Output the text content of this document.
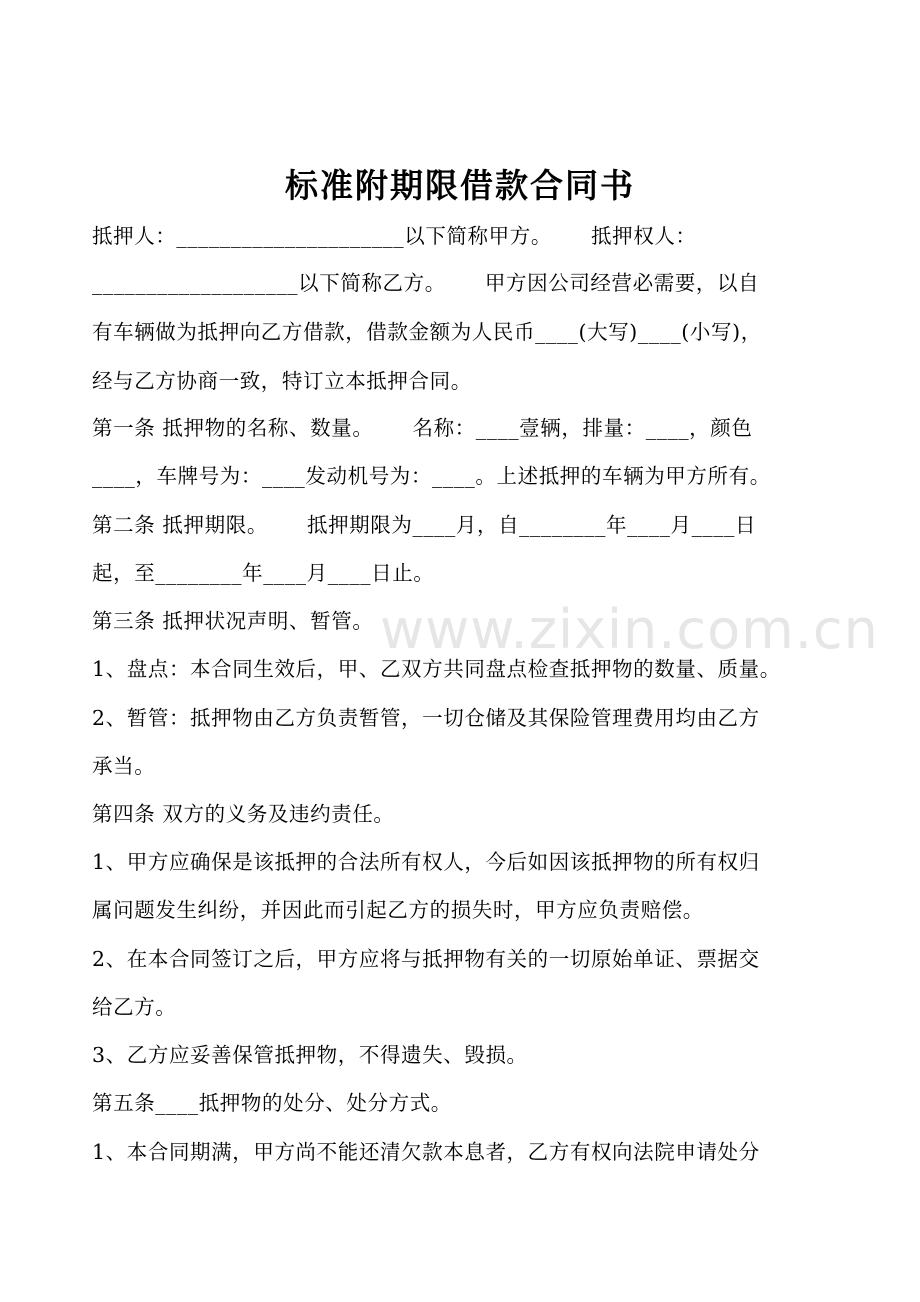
www.zixin.com.cn
标准附期限借款合同书
抵押人：_____________________以下简称甲方。　　 抵押权人：
___________________以下简称乙方。　　 甲方因公司经营必需要，以自
有车辆做为抵押向乙方借款，借款金额为人民币____(大写)____(小写)，
经与乙方协商一致，特订立本抵押合同。
第一条 抵押物的名称、数量。　　 名称：____壹辆，排量：____，颜色
____，车牌号为：____发动机号为：____。上述抵押的车辆为甲方所有。
第二条 抵押期限。　　 抵押期限为____月，自________年____月____日
起，至________年____月____日止。
第三条 抵押状况声明、暂管。
1、盘点：本合同生效后，甲、乙双方共同盘点检查抵押物的数量、质量。
2、暂管：抵押物由乙方负责暂管，一切仓储及其保险管理费用均由乙方
承当。
第四条 双方的义务及违约责任。
1、甲方应确保是该抵押的合法所有权人，今后如因该抵押物的所有权归
属问题发生纠纷，并因此而引起乙方的损失时，甲方应负责赔偿。
2、在本合同签订之后，甲方应将与抵押物有关的一切原始单证、票据交
给乙方。
3、乙方应妥善保管抵押物，不得遗失、毁损。
第五条____抵押物的处分、处分方式。
1、本合同期满，甲方尚不能还清欠款本息者，乙方有权向法院申请处分
